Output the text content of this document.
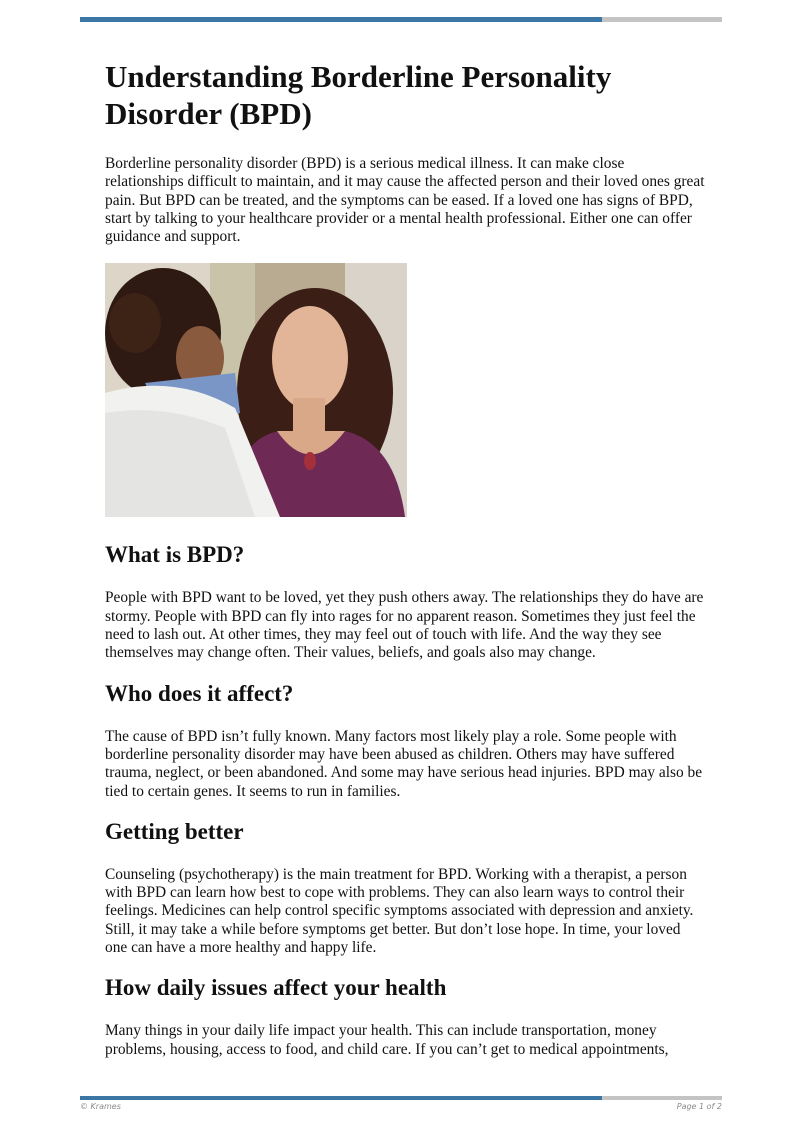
Understanding Borderline Personality Disorder (BPD)

Borderline personality disorder (BPD) is a serious medical illness. It can make close relationships difficult to maintain, and it may cause the affected person and their loved ones great pain. But BPD can be treated, and the symptoms can be eased. If a loved one has signs of BPD, start by talking to your healthcare provider or a mental health professional. Either one can offer guidance and support.

What is BPD?

People with BPD want to be loved, yet they push others away. The relationships they do have are stormy. People with BPD can fly into rages for no apparent reason. Sometimes they just feel the need to lash out. At other times, they may feel out of touch with life. And the way they see themselves may change often. Their values, beliefs, and goals also may change.

Who does it affect?

The cause of BPD isn’t fully known. Many factors most likely play a role. Some people with borderline personality disorder may have been abused as children. Others may have suffered trauma, neglect, or been abandoned. And some may have serious head injuries. BPD may also be tied to certain genes. It seems to run in families.

Getting better

Counseling (psychotherapy) is the main treatment for BPD. Working with a therapist, a person with BPD can learn how best to cope with problems. They can also learn ways to control their feelings. Medicines can help control specific symptoms associated with depression and anxiety. Still, it may take a while before symptoms get better. But don’t lose hope. In time, your loved one can have a more healthy and happy life.

How daily issues affect your health

Many things in your daily life impact your health. This can include transportation, money problems, housing, access to food, and child care. If you can’t get to medical appointments,

© Krames	Page 1 of 2
